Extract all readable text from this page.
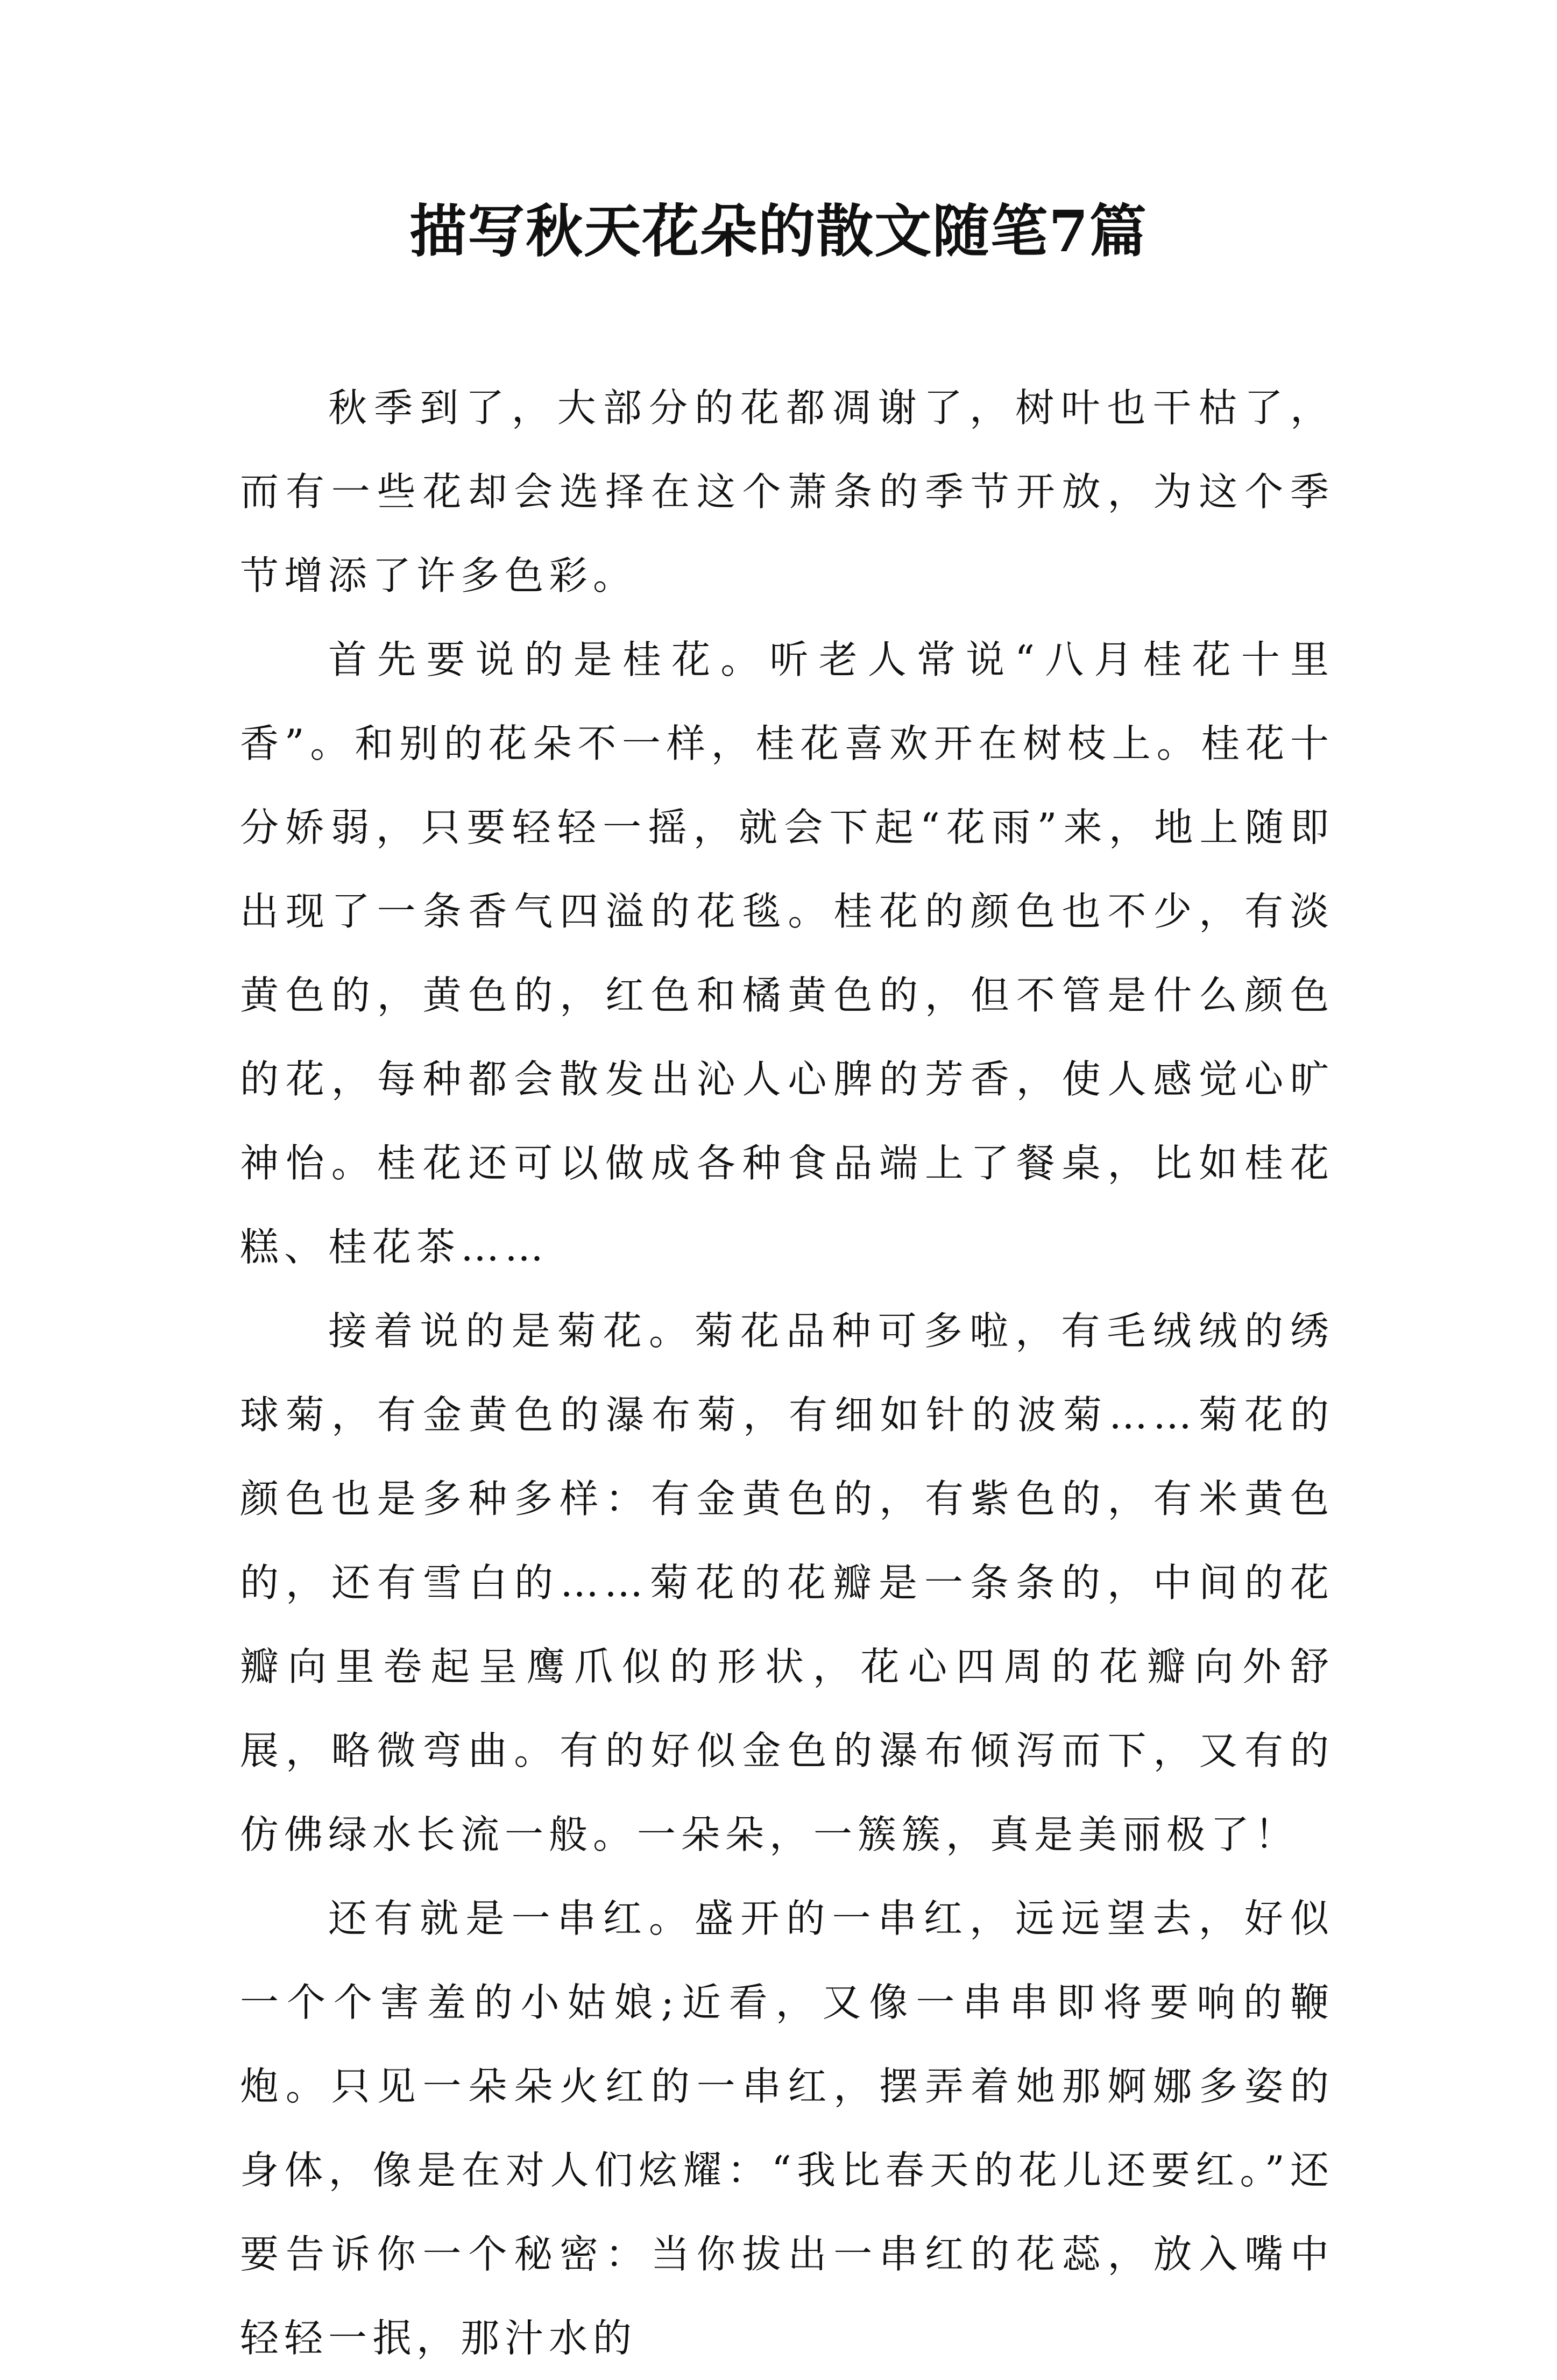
描写秋天花朵的散文随笔7篇

秋季到了，大部分的花都凋谢了，树叶也干枯了，而有一些花却会选择在这个萧条的季节开放，为这个季节增添了许多色彩。

首先要说的是桂花。听老人常说“八月桂花十里香”。和别的花朵不一样，桂花喜欢开在树枝上。桂花十分娇弱，只要轻轻一摇，就会下起“花雨”来，地上随即出现了一条香气四溢的花毯。桂花的颜色也不少，有淡黄色的，黄色的，红色和橘黄色的，但不管是什么颜色的花，每种都会散发出沁人心脾的芳香，使人感觉心旷神怡。桂花还可以做成各种食品端上了餐桌，比如桂花糕、桂花茶……

接着说的是菊花。菊花品种可多啦，有毛绒绒的绣球菊，有金黄色的瀑布菊，有细如针的波菊……菊花的颜色也是多种多样：有金黄色的，有紫色的，有米黄色的，还有雪白的……菊花的花瓣是一条条的，中间的花瓣向里卷起呈鹰爪似的形状，花心四周的花瓣向外舒展，略微弯曲。有的好似金色的瀑布倾泻而下，又有的仿佛绿水长流一般。一朵朵，一簇簇，真是美丽极了！

还有就是一串红。盛开的一串红，远远望去，好似一个个害羞的小姑娘;近看，又像一串串即将要响的鞭炮。只见一朵朵火红的一串红，摆弄着她那婀娜多姿的身体，像是在对人们炫耀：“我比春天的花儿还要红。”还要告诉你一个秘密：当你拔出一串红的花蕊，放入嘴中轻轻一抿，那汁水的
